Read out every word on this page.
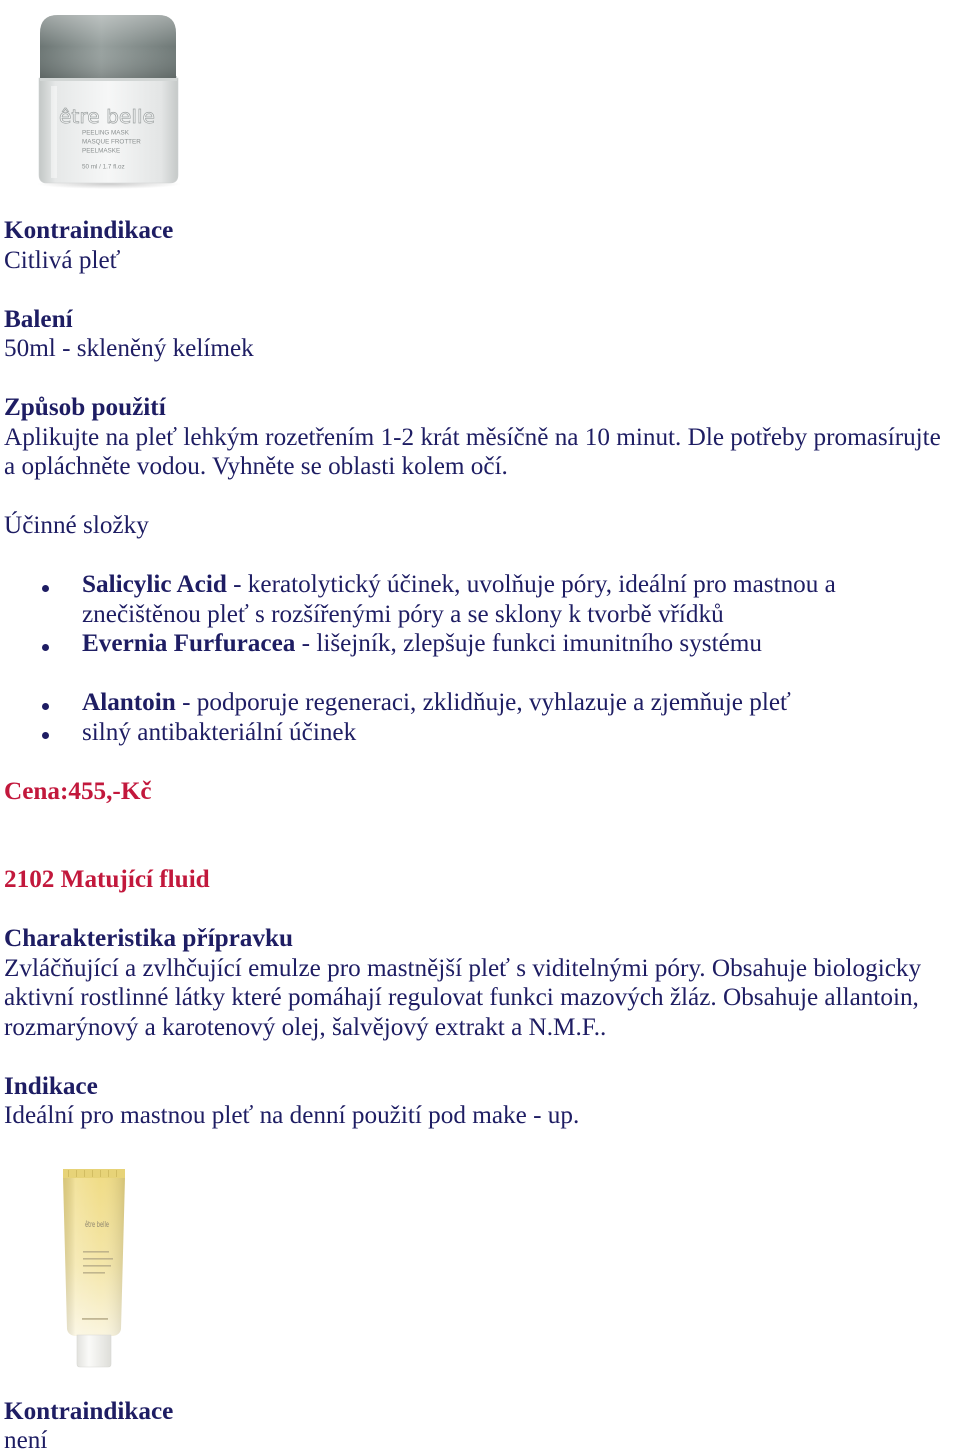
être belle
PEELING MASK
MASQUE FROTTER
PEELMASKE
50 ml / 1.7 fl.oz
Kontraindikace
Citlivá pleť
Balení
50ml - skleněný kelímek
Způsob použití
Aplikujte na pleť lehkým rozetřením 1-2 krát měsíčně na 10 minut. Dle potřeby promasírujte
a opláchněte vodou. Vyhněte se oblasti kolem očí.
Účinné složky
Salicylic Acid - keratolytický účinek, uvolňuje póry, ideální pro mastnou a
znečištěnou pleť s rozšířenými póry a se sklony k tvorbě vřídků
Evernia Furfuracea - lišejník, zlepšuje funkci imunitního systému
Alantoin - podporuje regeneraci, zklidňuje, vyhlazuje a zjemňuje pleť
silný antibakteriální účinek
Cena:455,-Kč
2102 Matující fluid
Charakteristika přípravku
Zvláčňující a zvlhčující emulze pro mastnější pleť s viditelnými póry. Obsahuje biologicky
aktivní rostlinné látky které pomáhají regulovat funkci mazových žláz. Obsahuje allantoin,
rozmarýnový a karotenový olej, šalvějový extrakt a N.M.F..
Indikace
Ideální pro mastnou pleť na denní použití pod make - up.
être belle
Kontraindikace
není
